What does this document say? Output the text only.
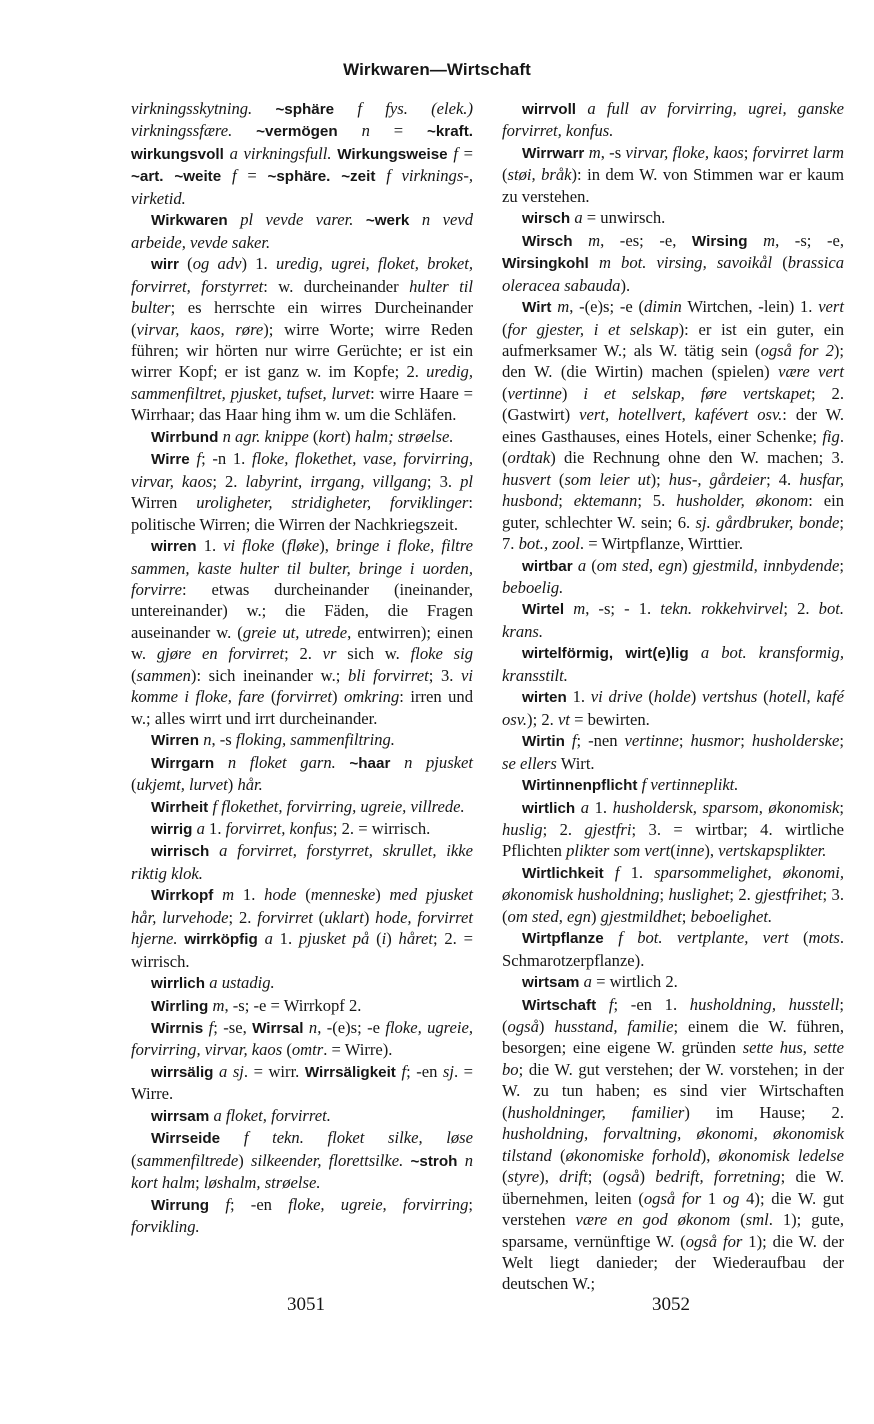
Wirkwaren—Wirtschaft

virkningsskytning. ~sphäre f fys. (elek.) virkningssfære. ~vermögen n = ~kraft. wirkungsvoll a virkningsfull. Wirkungsweise f = ~art. ~weite f = ~sphäre. ~zeit f virknings-, virketid.

Wirkwaren pl vevde varer. ~werk n vevd arbeide, vevde saker.

wirr (og adv) 1. uredig, ugrei, floket, broket, forvirret, forstyrret: w. durcheinander hulter til bulter; es herrschte ein wirres Durcheinander (virvar, kaos, røre); wirre Worte; wirre Reden führen; wir hörten nur wirre Gerüchte; er ist ein wirrer Kopf; er ist ganz w. im Kopfe; 2. uredig, sammenfiltret, pjusket, tufset, lurvet: wirre Haare = Wirrhaar; das Haar hing ihm w. um die Schläfen.

Wirrbund n agr. knippe (kort) halm; strøelse.

Wirre f; -n 1. floke, flokethet, vase, forvirring, virvar, kaos; 2. labyrint, irrgang, villgang; 3. pl Wirren uroligheter, stridigheter, forviklinger: politische Wirren; die Wirren der Nachkriegszeit.

wirren 1. vi floke (fløke), bringe i floke, filtre sammen, kaste hulter til bulter, bringe i uorden, forvirre: etwas durcheinander (ineinander, untereinander) w.; die Fäden, die Fragen auseinander w. (greie ut, utrede, entwirren); einen w. gjøre en forvirret; 2. vr sich w. floke sig (sammen): sich ineinander w.; bli forvirret; 3. vi komme i floke, fare (forvirret) omkring: irren und w.; alles wirrt und irrt durcheinander.

Wirren n, -s floking, sammenfiltring.

Wirrgarn n floket garn. ~haar n pjusket (ukjemt, lurvet) hår.

Wirrheit f flokethet, forvirring, ugreie, villrede.

wirrig a 1. forvirret, konfus; 2. = wirrisch.

wirrisch a forvirret, forstyrret, skrullet, ikke riktig klok.

Wirrkopf m 1. hode (menneske) med pjusket hår, lurvehode; 2. forvirret (uklart) hode, forvirret hjerne. wirrköpfig a 1. pjusket på (i) håret; 2. = wirrisch.

wirrlich a ustadig.

Wirrling m, -s; -e = Wirrkopf 2.

Wirrnis f; -se, Wirrsal n, -(e)s; -e floke, ugreie, forvirring, virvar, kaos (omtr. = Wirre).

wirrsälig a sj. = wirr. Wirrsäligkeit f; -en sj. = Wirre.

wirrsam a floket, forvirret.

Wirrseide f tekn. floket silke, løse (sammenfiltrede) silkeender, florettsilke. ~stroh n kort halm; løshalm, strøelse.

Wirrung f; -en floke, ugreie, forvirring; forvikling.

wirrvoll a full av forvirring, ugrei, ganske forvirret, konfus.

Wirrwarr m, -s virvar, floke, kaos; forvirret larm (støi, bråk): in dem W. von Stimmen war er kaum zu verstehen.

wirsch a = unwirsch.

Wirsch m, -es; -e, Wirsing m, -s; -e, Wirsingkohl m bot. virsing, savoikål (brassica oleracea sabauda).

Wirt m, -(e)s; -e (dimin Wirtchen, -lein) 1. vert (for gjester, i et selskap): er ist ein guter, ein aufmerksamer W.; als W. tätig sein (også for 2); den W. (die Wirtin) machen (spielen) være vert (vertinne) i et selskap, føre vertskapet; 2. (Gastwirt) vert, hotellvert, kafévert osv.: der W. eines Gasthauses, eines Hotels, einer Schenke; fig. (ordtak) die Rechnung ohne den W. machen; 3. husvert (som leier ut); hus-, gårdeier; 4. husfar, husbond; ektemann; 5. husholder, økonom: ein guter, schlechter W. sein; 6. sj. gårdbruker, bonde; 7. bot., zool. = Wirtpflanze, Wirttier.

wirtbar a (om sted, egn) gjestmild, innbydende; beboelig.

Wirtel m, -s; - 1. tekn. rokkehvirvel; 2. bot. krans.

wirtelförmig, wirt(e)lig a bot. kransformig, kransstilt.

wirten 1. vi drive (holde) vertshus (hotell, kafé osv.); 2. vt = bewirten.

Wirtin f; -nen vertinne; husmor; husholderske; se ellers Wirt.

Wirtinnenpflicht f vertinneplikt.

wirtlich a 1. husholdersk, sparsom, økonomisk; huslig; 2. gjestfri; 3. = wirtbar; 4. wirtliche Pflichten plikter som vert(inne), vertskapsplikter.

Wirtlichkeit f 1. sparsommelighet, økonomi, økonomisk husholdning; huslighet; 2. gjestfrihet; 3. (om sted, egn) gjestmildhet; beboelighet.

Wirtpflanze f bot. vertplante, vert (mots. Schmarotzerpflanze).

wirtsam a = wirtlich 2.

Wirtschaft f; -en 1. husholdning, husstell; (også) husstand, familie; einem die W. führen, besorgen; eine eigene W. gründen sette hus, sette bo; die W. gut verstehen; der W. vorstehen; in der W. zu tun haben; es sind vier Wirtschaften (husholdninger, familier) im Hause; 2. husholdning, forvaltning, økonomi, økonomisk tilstand (økonomiske forhold), økonomisk ledelse (styre), drift; (også) bedrift, forretning; die W. übernehmen, leiten (også for 1 og 4); die W. gut verstehen være en god økonom (sml. 1); gute, sparsame, vernünftige W. (også for 1); die W. der Welt liegt danieder; der Wiederaufbau der deutschen W.;

3051	3052
